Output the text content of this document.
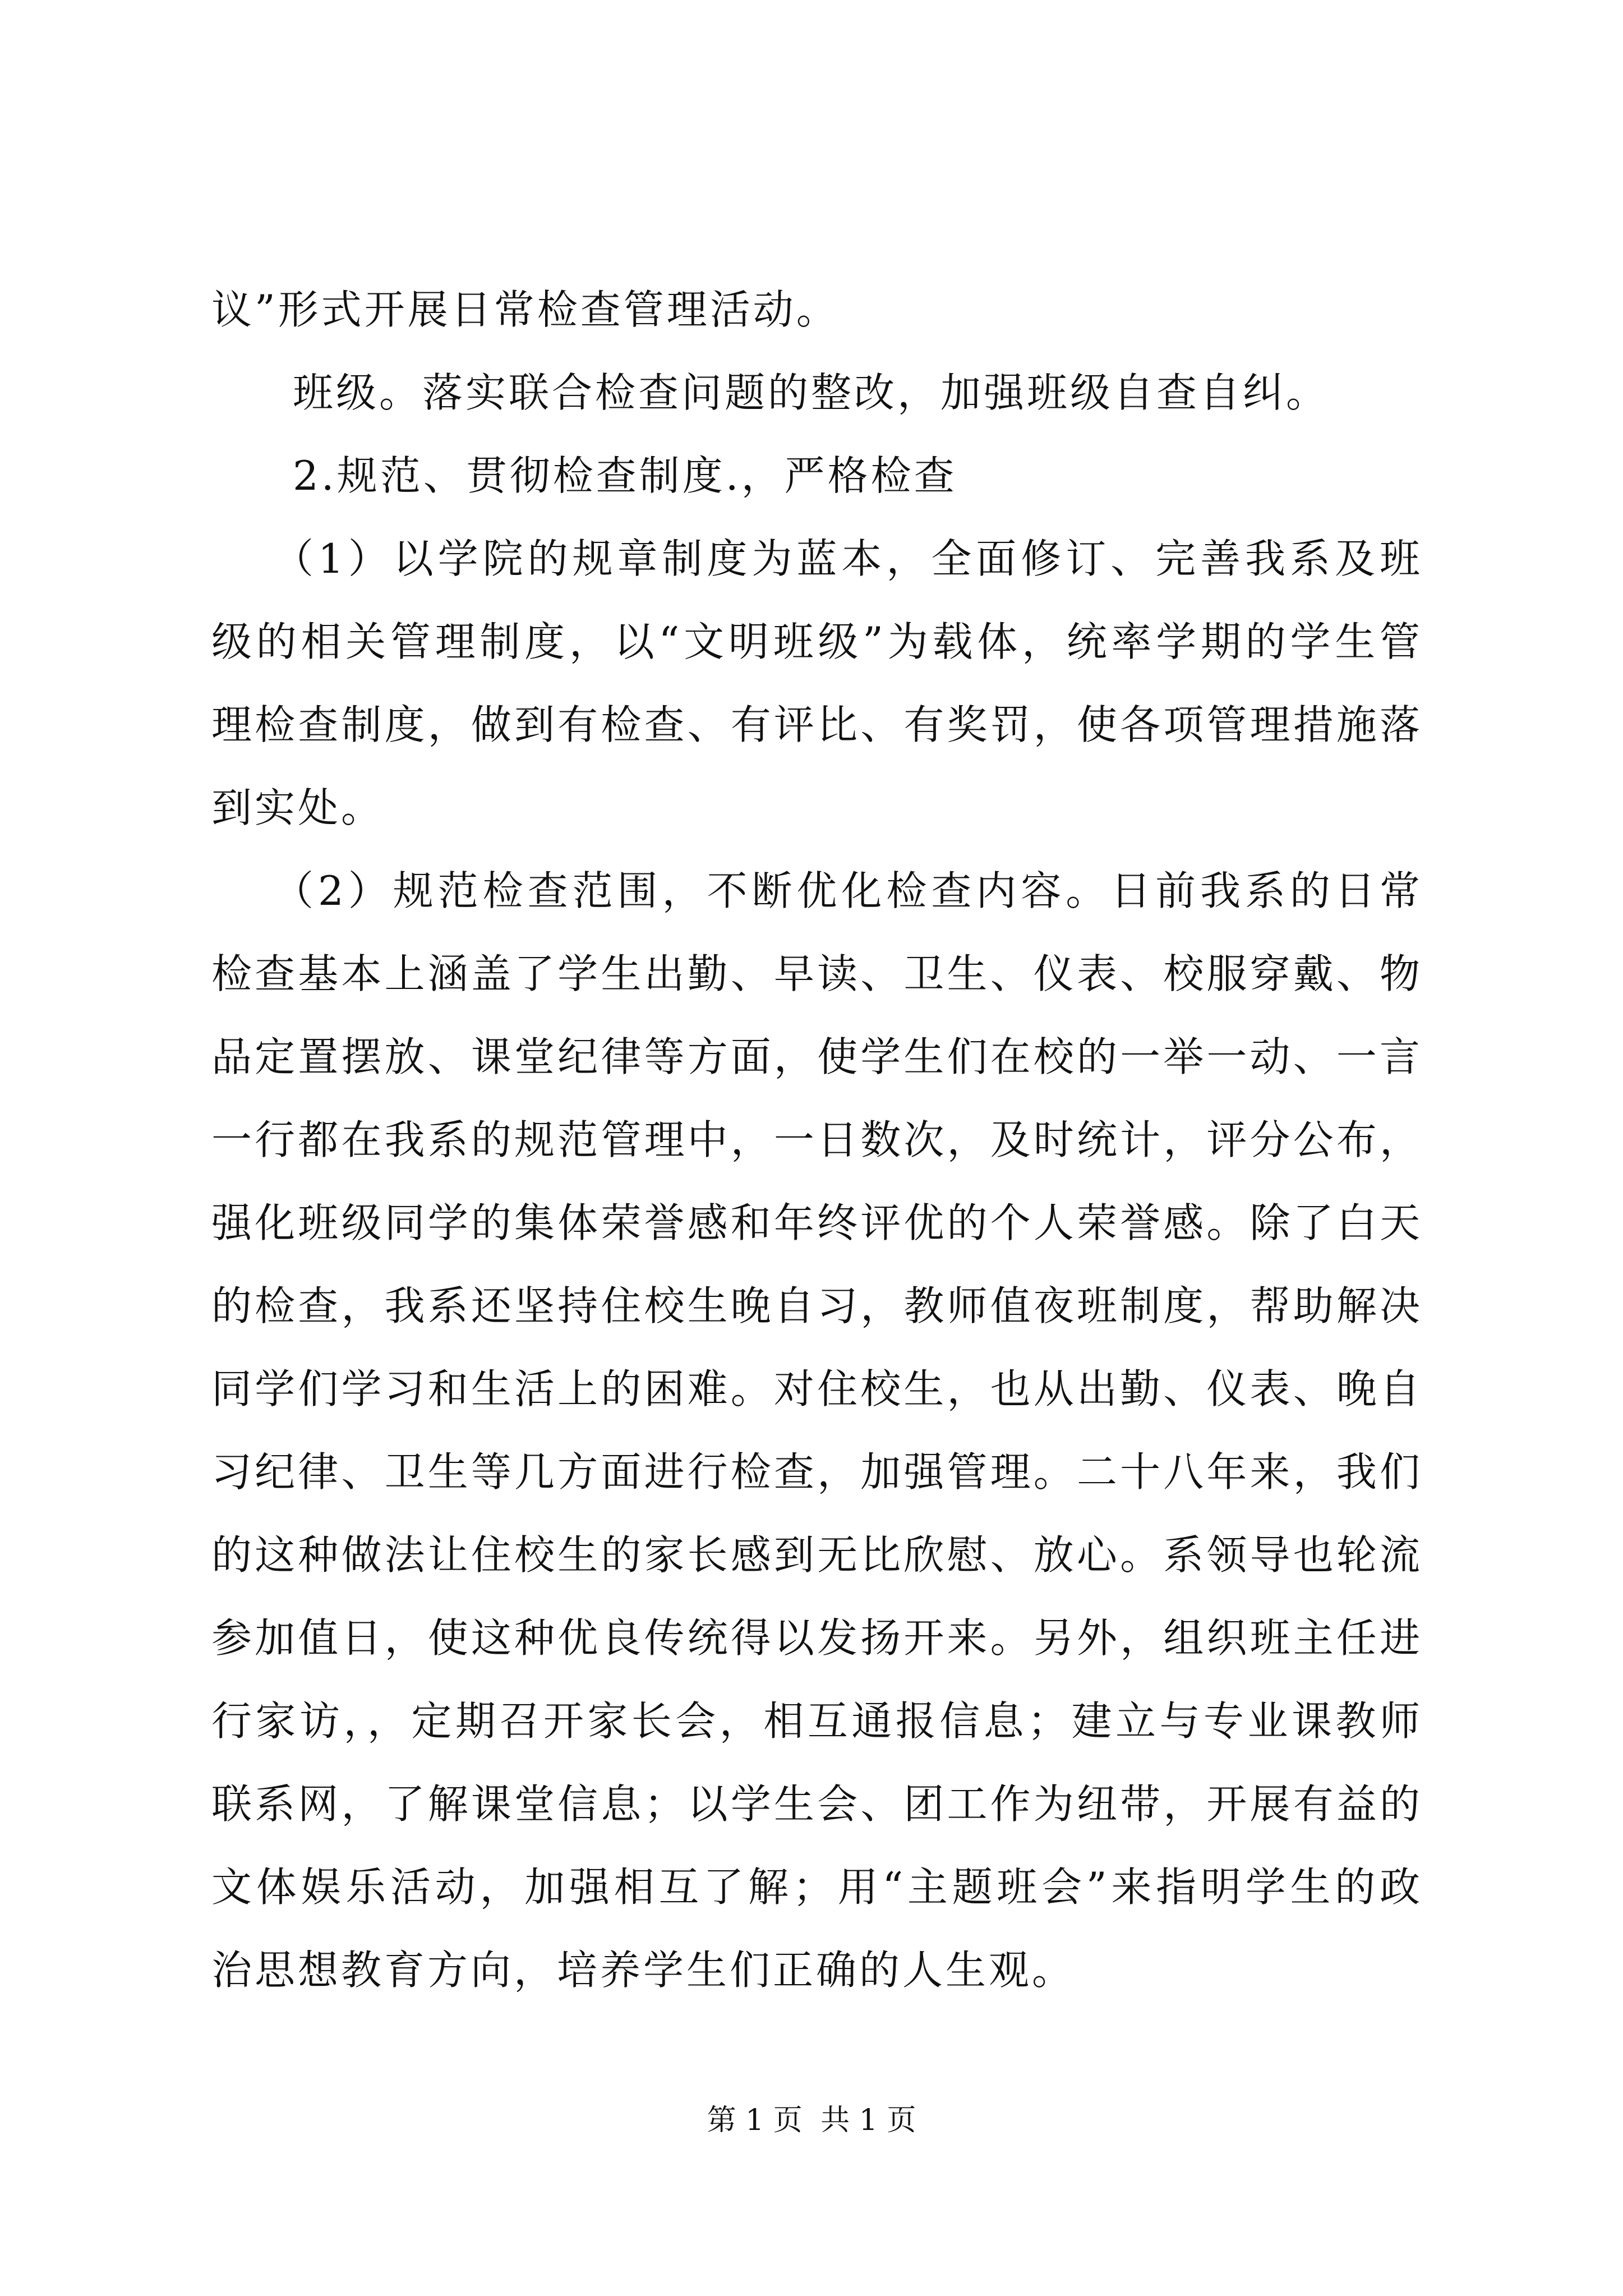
议”形式开展日常检查管理活动。

班级。落实联合检查问题的整改，加强班级自查自纠。

2.规范、贯彻检查制度.，严格检查

（1）以学院的规章制度为蓝本，全面修订、完善我系及班级的相关管理制度，以“文明班级”为载体，统率学期的学生管理检查制度，做到有检查、有评比、有奖罚，使各项管理措施落到实处。

（2）规范检查范围，不断优化检查内容。日前我系的日常检查基本上涵盖了学生出勤、早读、卫生、仪表、校服穿戴、物品定置摆放、课堂纪律等方面，使学生们在校的一举一动、一言一行都在我系的规范管理中，一日数次，及时统计，评分公布，强化班级同学的集体荣誉感和年终评优的个人荣誉感。除了白天的检查，我系还坚持住校生晚自习，教师值夜班制度，帮助解决同学们学习和生活上的困难。对住校生，也从出勤、仪表、晚自习纪律、卫生等几方面进行检查，加强管理。二十八年来，我们的这种做法让住校生的家长感到无比欣慰、放心。系领导也轮流参加值日，使这种优良传统得以发扬开来。另外，组织班主任进行家访，，定期召开家长会，相互通报信息；建立与专业课教师联系网，了解课堂信息；以学生会、团工作为纽带，开展有益的文体娱乐活动，加强相互了解；用“主题班会”来指明学生的政治思想教育方向，培养学生们正确的人生观。

第 1 页 共 1 页
